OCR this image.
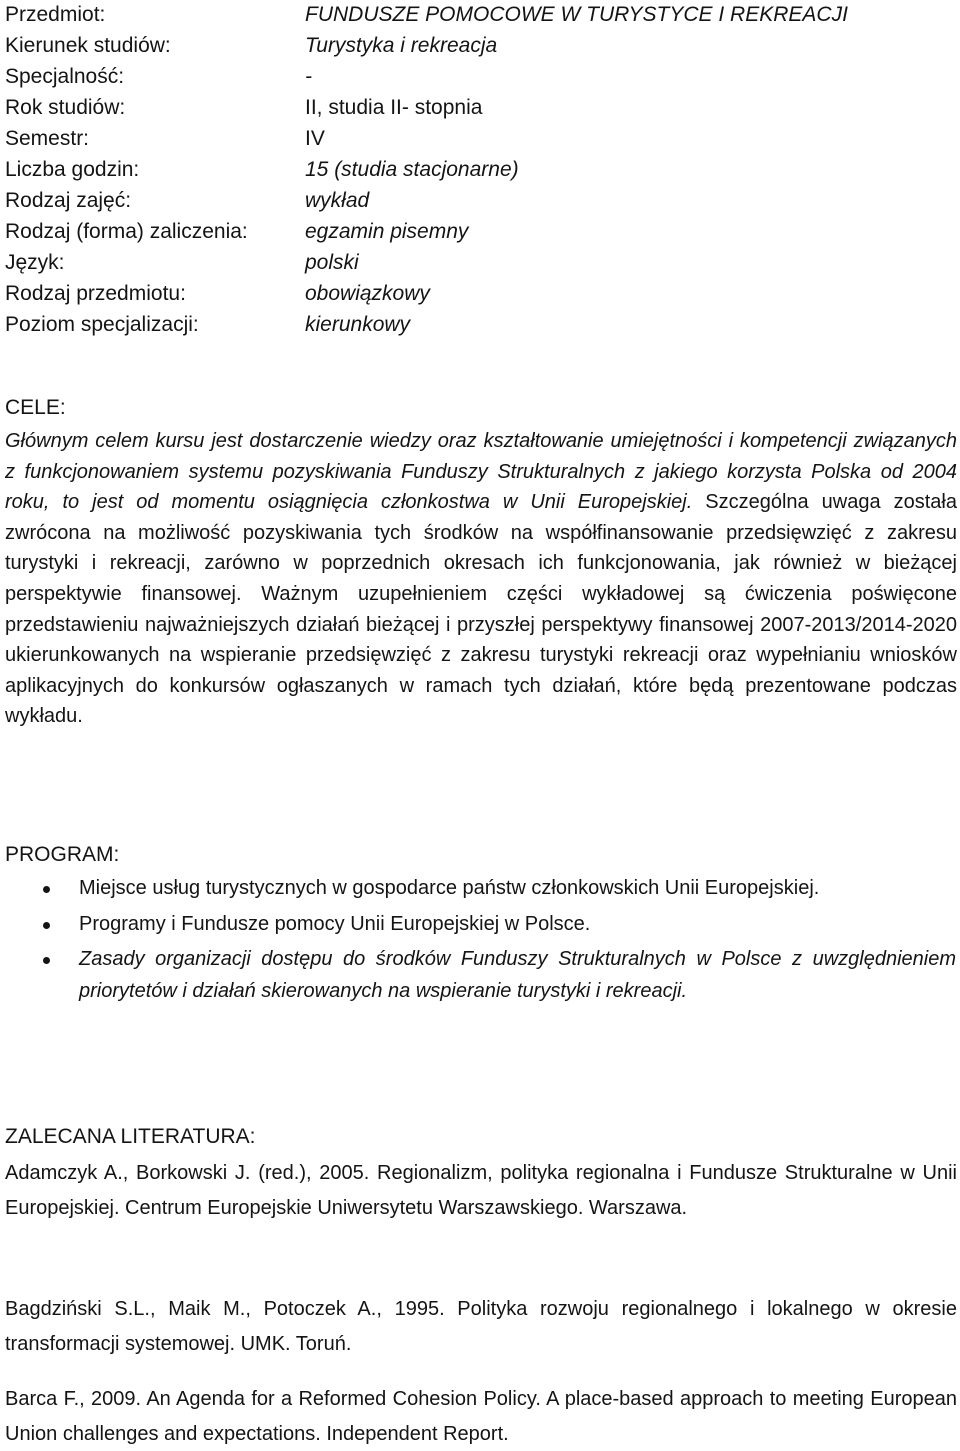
Przedmiot:	FUNDUSZE POMOCOWE W TURYSTYCE I REKREACJI
Kierunek studiów:	Turystyka i rekreacja
Specjalność:	-
Rok studiów:	II, studia II- stopnia
Semestr:	IV
Liczba godzin:	15 (studia stacjonarne)
Rodzaj zajęć:	wykład
Rodzaj (forma) zaliczenia:	egzamin pisemny
Język:	polski
Rodzaj przedmiotu:	obowiązkowy
Poziom specjalizacji:	kierunkowy
CELE:
Głównym celem kursu jest dostarczenie wiedzy oraz kształtowanie umiejętności i kompetencji związanych z funkcjonowaniem systemu pozyskiwania Funduszy Strukturalnych z jakiego korzysta Polska od 2004 roku, to jest od momentu osiągnięcia członkostwa w Unii Europejskiej. Szczególna uwaga została zwrócona na możliwość pozyskiwania tych środków na współfinansowanie przedsięwzięć z zakresu turystyki i rekreacji, zarówno w poprzednich okresach ich funkcjonowania, jak również w bieżącej perspektywie finansowej. Ważnym uzupełnieniem części wykładowej są ćwiczenia poświęcone przedstawieniu najważniejszych działań bieżącej i przyszłej perspektywy finansowej 2007-2013/2014-2020 ukierunkowanych na wspieranie przedsięwzięć z zakresu turystyki rekreacji oraz wypełnianiu wniosków aplikacyjnych do konkursów ogłaszanych w ramach tych działań, które będą prezentowane podczas wykładu.
PROGRAM:
Miejsce usług turystycznych w gospodarce państw członkowskich Unii Europejskiej.
Programy i Fundusze pomocy Unii Europejskiej w Polsce.
Zasady organizacji dostępu do środków Funduszy Strukturalnych w Polsce z uwzględnieniem priorytetów i działań skierowanych na wspieranie turystyki i rekreacji.
ZALECANA LITERATURA:
Adamczyk A., Borkowski J. (red.), 2005. Regionalizm, polityka regionalna i Fundusze Strukturalne w Unii Europejskiej. Centrum Europejskie Uniwersytetu Warszawskiego. Warszawa.
Bagdziński S.L., Maik M., Potoczek A., 1995. Polityka rozwoju regionalnego i lokalnego w okresie transformacji systemowej. UMK. Toruń.
Barca F., 2009. An Agenda for a Reformed Cohesion Policy. A place-based approach to meeting European Union challenges and expectations. Independent Report.
